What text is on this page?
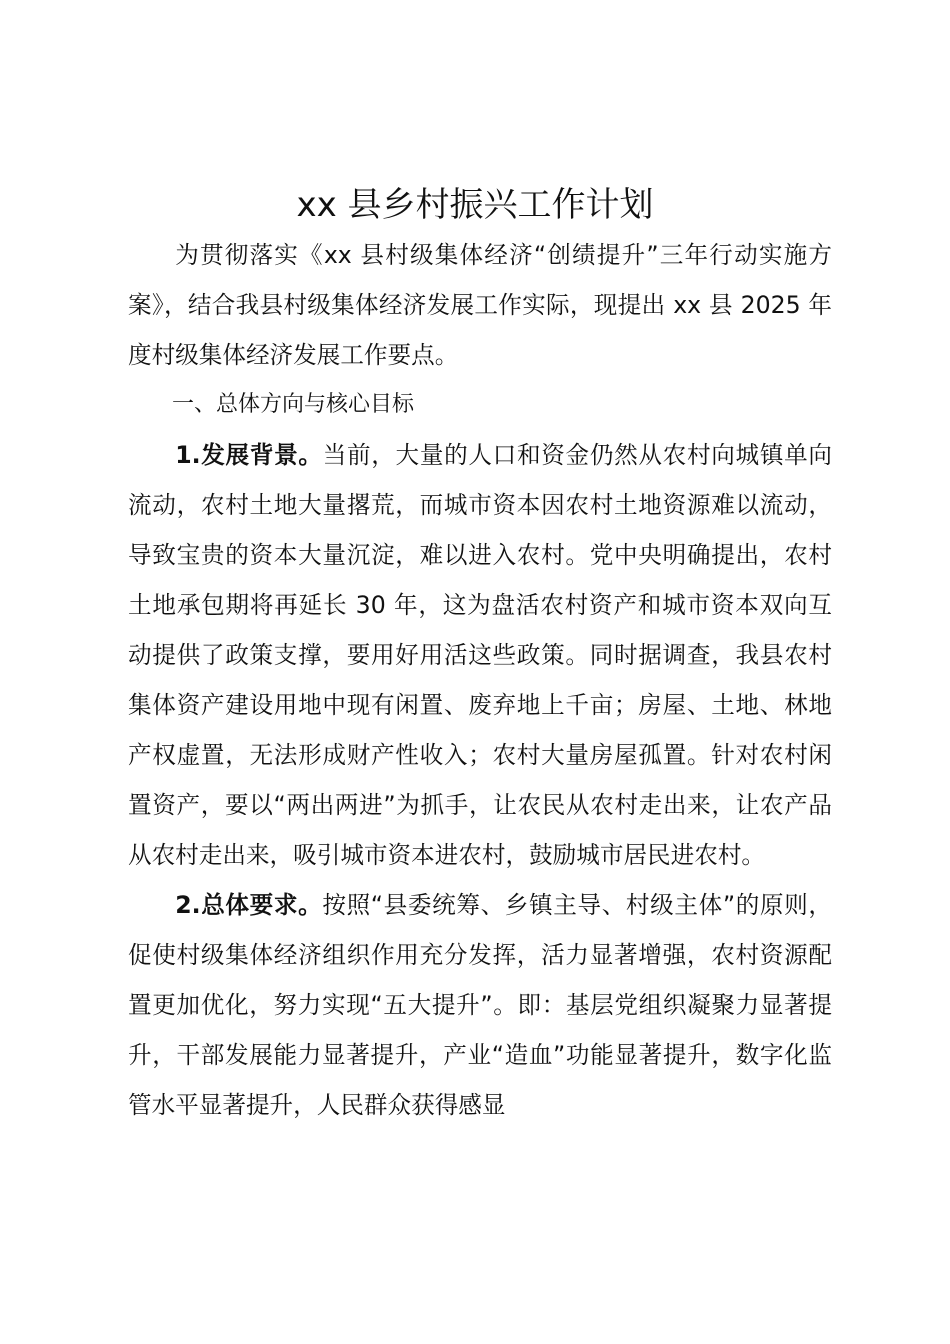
xx 县乡村振兴工作计划

为贯彻落实《xx 县村级集体经济“创绩提升”三年行动实施方案》，结合我县村级集体经济发展工作实际，现提出 xx 县 2025 年度村级集体经济发展工作要点。

一、总体方向与核心目标

1.发展背景。当前，大量的人口和资金仍然从农村向城镇单向流动，农村土地大量撂荒，而城市资本因农村土地资源难以流动，导致宝贵的资本大量沉淀，难以进入农村。党中央明确提出，农村土地承包期将再延长 30 年，这为盘活农村资产和城市资本双向互动提供了政策支撑，要用好用活这些政策。同时据调查，我县农村集体资产建设用地中现有闲置、废弃地上千亩；房屋、土地、林地产权虚置，无法形成财产性收入；农村大量房屋孤置。针对农村闲置资产，要以“两出两进”为抓手，让农民从农村走出来，让农产品从农村走出来，吸引城市资本进农村，鼓励城市居民进农村。

2.总体要求。按照“县委统筹、乡镇主导、村级主体”的原则，促使村级集体经济组织作用充分发挥，活力显著增强，农村资源配置更加优化，努力实现“五大提升”。即：基层党组织凝聚力显著提升，干部发展能力显著提升，产业“造血”功能显著提升，数字化监管水平显著提升，人民群众获得感显
